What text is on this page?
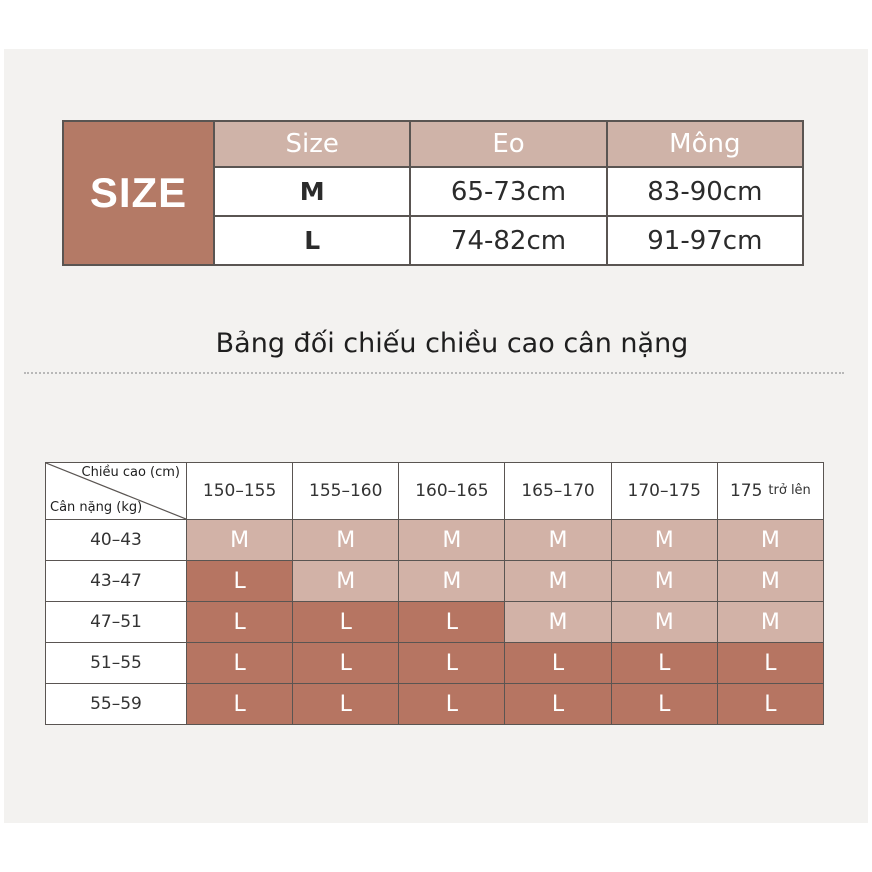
SIZE	Size	Eo	Mông
	M	65-73cm	83-90cm
	L	74-82cm	91-97cm
Bảng đối chiếu chiều cao cân nặng
Chiều cao (cm)
Cân nặng (kg)	150–155	155–160	160–165	165–170	170–175	175 trở lên
40–43	M	M	M	M	M	M
43–47	L	M	M	M	M	M
47–51	L	L	L	M	M	M
51–55	L	L	L	L	L	L
55–59	L	L	L	L	L	L
